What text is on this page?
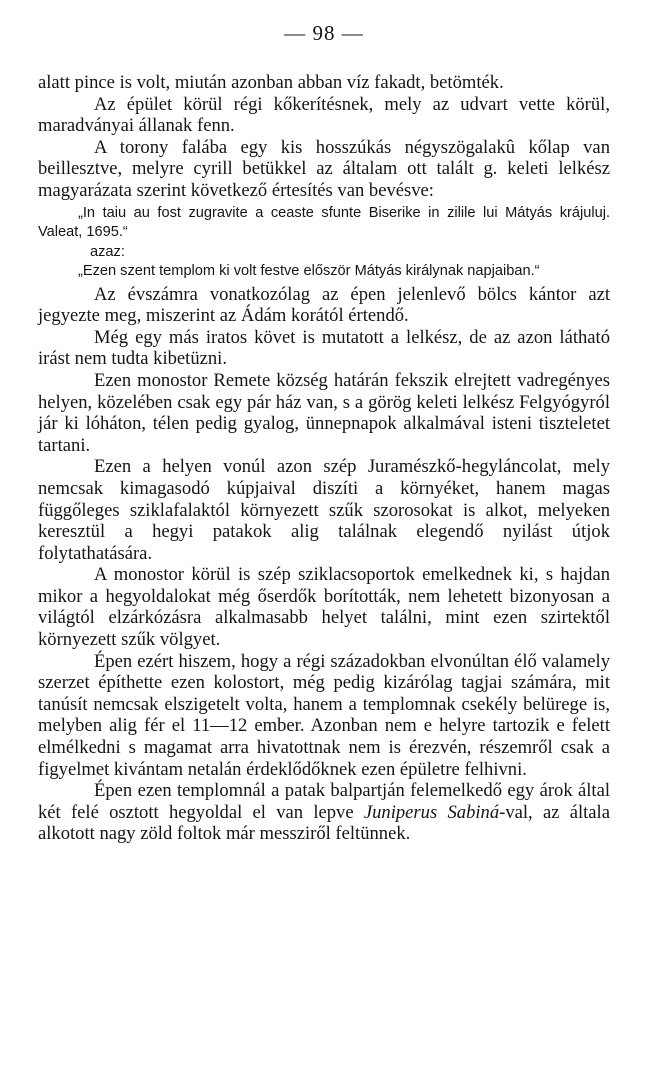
— 98 —

alatt pince is volt, miután azonban abban víz fakadt, betömték.

Az épület körül régi kőkerítésnek, mely az udvart vette körül, maradványai állanak fenn.

A torony falába egy kis hosszúkás négyszögalakû kőlap van beillesztve, melyre cyrill betükkel az általam ott talált g. keleti lelkész magyarázata szerint következő értesítés van bevésve:

„In taiu au fost zugravite a ceaste sfunte Biserike in zilile lui Mátyás krájuluj. Valeat, 1695.“

azaz:

„Ezen szent templom ki volt festve először Mátyás királynak napjaiban.“

Az évszámra vonatkozólag az épen jelenlevő bölcs kántor azt jegyezte meg, miszerint az Ádám korától értendő.

Még egy más iratos követ is mutatott a lelkész, de az azon látható irást nem tudta kibetüzni.

Ezen monostor Remete község határán fekszik elrejtett vadregényes helyen, közelében csak egy pár ház van, s a görög keleti lelkész Felgyógyról jár ki lóháton, télen pedig gyalog, ünnepnapok alkalmával isteni tiszteletet tartani.

Ezen a helyen vonúl azon szép Juramészkő-hegyláncolat, mely nemcsak kimagasodó kúpjaival diszíti a környéket, hanem magas függőleges sziklafalaktól környezett szűk szorosokat is alkot, melyeken keresztül a hegyi patakok alig találnak elegendő nyilást útjok folytathatására.

A monostor körül is szép sziklacsoportok emelkednek ki, s hajdan mikor a hegyoldalokat még őserdők borították, nem lehetett bizonyosan a világtól elzárkózásra alkalmasabb helyet találni, mint ezen szirtektől környezett szűk völgyet.

Épen ezért hiszem, hogy a régi századokban elvonúltan élő valamely szerzet építhette ezen kolostort, még pedig kizárólag tagjai számára, mit tanúsít nemcsak elszigetelt volta, hanem a templomnak csekély belürege is, melyben alig fér el 11—12 ember. Azonban nem e helyre tartozik e felett elmélkedni s magamat arra hivatottnak nem is érezvén, részemről csak a figyelmet kivántam netalán érdeklődőknek ezen épületre felhivni.

Épen ezen templomnál a patak balpartján felemelkedő egy árok által két felé osztott hegyoldal el van lepve Juniperus Sabiná-val, az általa alkotott nagy zöld foltok már messziről feltünnek.
